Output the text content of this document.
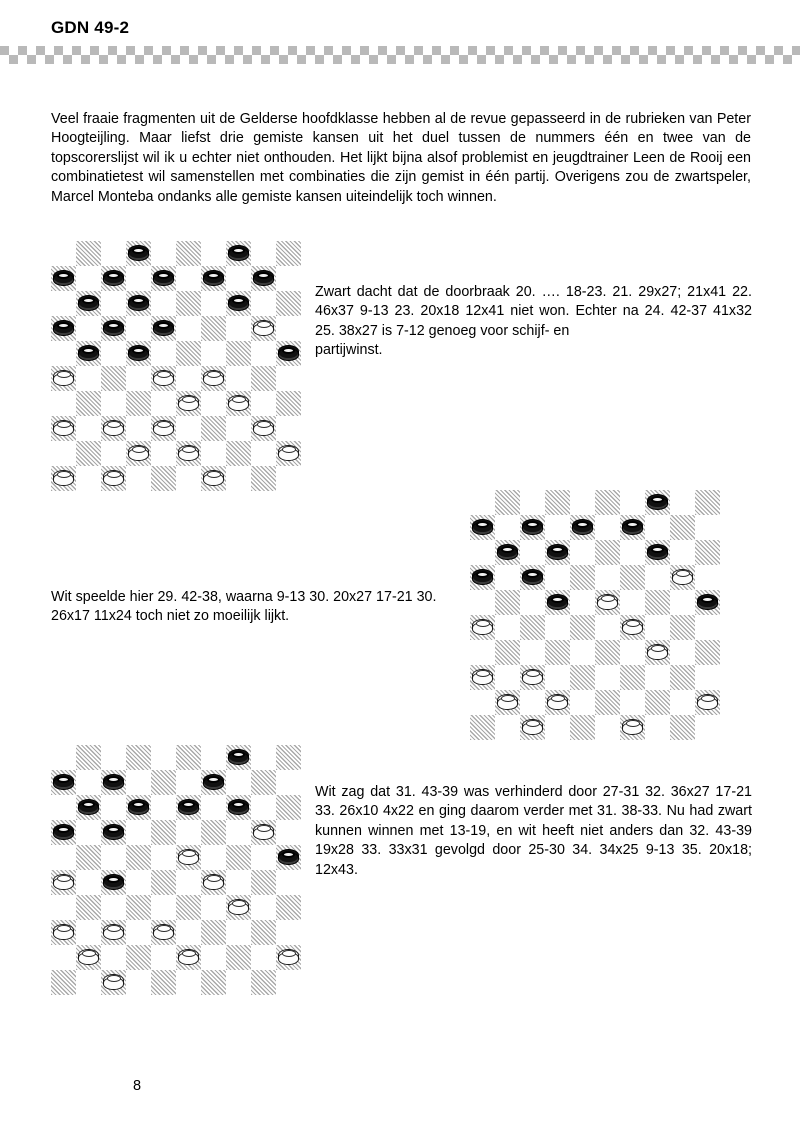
GDN 49-2
Veel fraaie fragmenten uit de Gelderse hoofdklasse hebben al de revue gepasseerd in de rubrieken van Peter Hoogteijling. Maar liefst drie gemiste kansen uit het duel tussen de nummers één en twee van de topscorerslijst wil ik u echter niet onthouden. Het lijkt bijna alsof problemist en jeugdtrainer Leen de Rooij een combinatietest wil samenstellen met combinaties die zijn gemist in één partij. Overigens zou de zwartspeler, Marcel Monteba ondanks alle gemiste kansen uiteindelijk toch winnen.
Zwart dacht dat de doorbraak 20. …. 18-23. 21. 29x27; 21x41 22. 46x37 9-13 23. 20x18 12x41 niet won. Echter na 24. 42-37 41x32 25. 38x27 is 7-12 genoeg voor schijf- en
partijwinst.
Wit speelde hier 29. 42-38, waarna 9-13 30. 20x27 17-21 30. 26x17 11x24 toch niet zo moeilijk lijkt.
Wit zag dat 31. 43-39 was verhinderd door 27-31 32. 36x27 17-21 33. 26x10 4x22 en ging daarom verder met 31. 38-33. Nu had zwart kunnen winnen met 13-19, en wit heeft niet anders dan 32. 43-39 19x28 33. 33x31 gevolgd door 25-30 34. 34x25 9-13 35. 20x18; 12x43.
8
